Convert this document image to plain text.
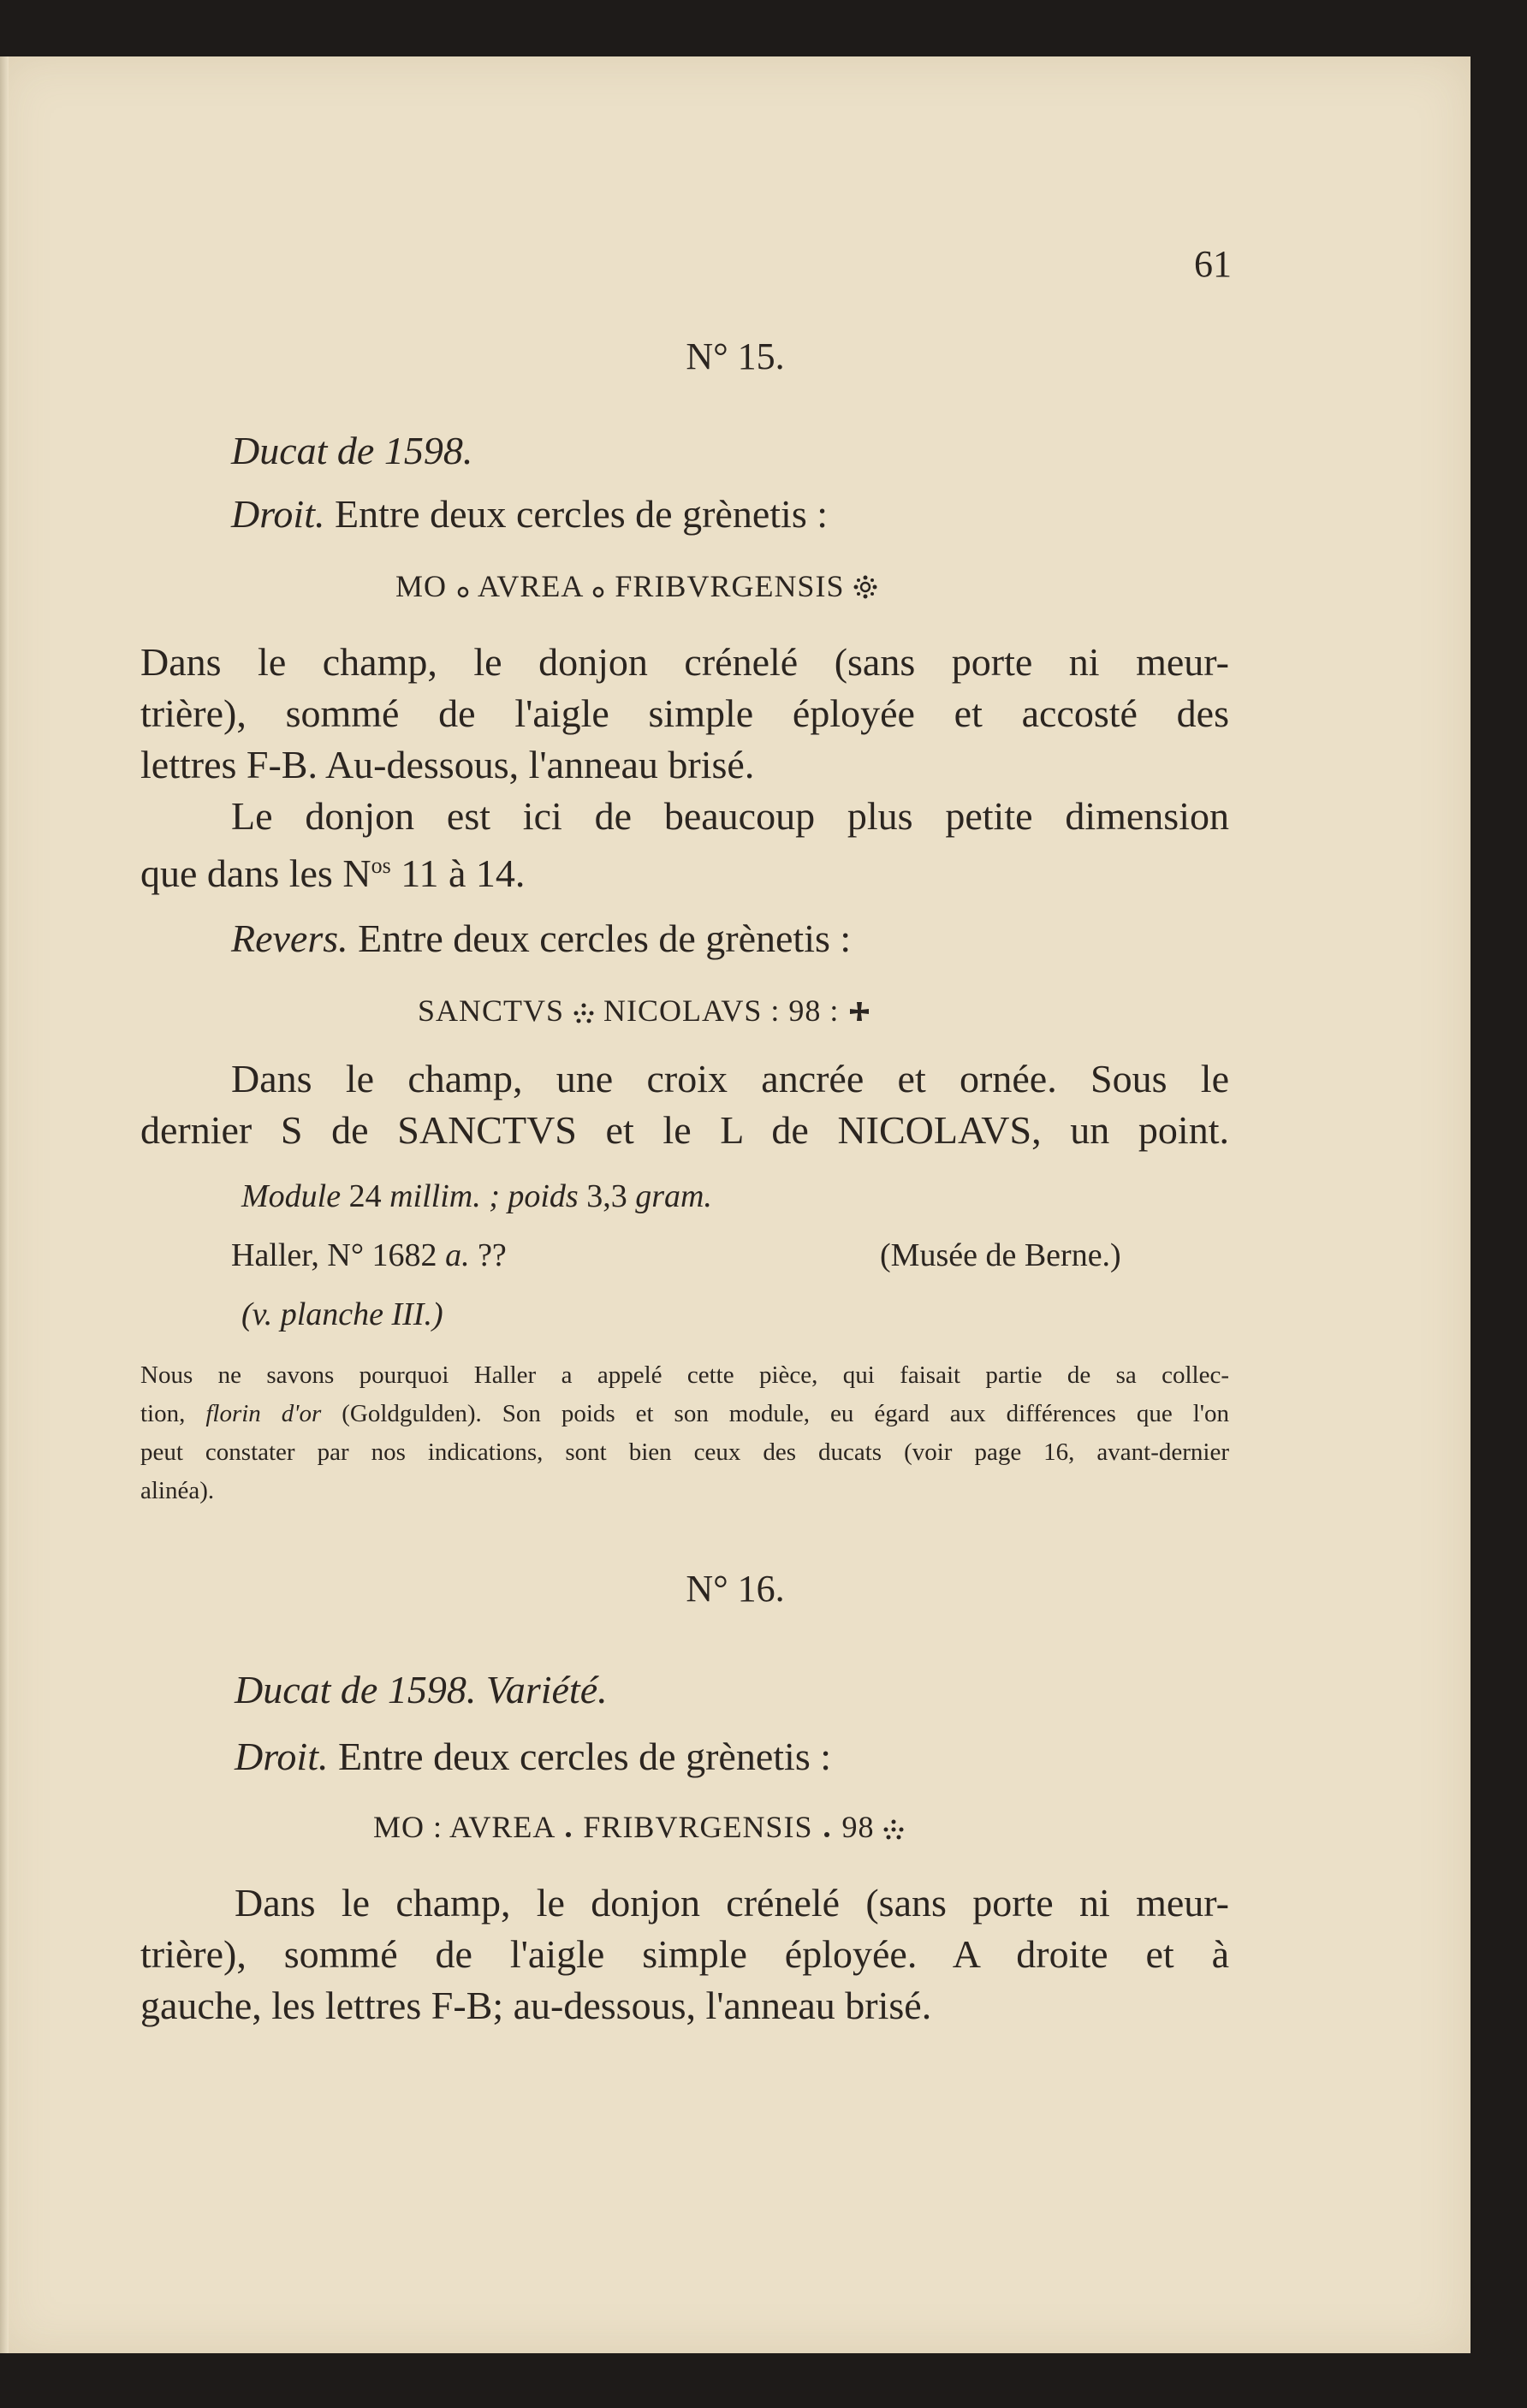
61
N° 15.
Ducat de 1598.
Droit. Entre deux cercles de grènetis :
MO AVREA FRIBVRGENSIS
Dans le champ, le donjon crénelé (sans porte ni meur-
trière), sommé de l'aigle simple éployée et accosté des
lettres F-B. Au-dessous, l'anneau brisé.
Le donjon est ici de beaucoup plus petite dimension
que dans les $N^{os}$ 11 à 14.
Revers. Entre deux cercles de grènetis :
SANCTVS NICOLAVS : 98 :
Dans le champ, une croix ancrée et ornée. Sous le
dernier S de SANCTVS et le L de NICOLAVS, un point.
Module 24 millim. ; poids 3,3 gram.
Haller, N° 1682 a. ??	(Musée de Berne.)
(v. planche III.)
Nous ne savons pourquoi Haller a appelé cette pièce, qui faisait partie de sa collec-
tion, florin d'or (Goldgulden). Son poids et son module, eu égard aux différences que l'on
peut constater par nos indications, sont bien ceux des ducats (voir page 16, avant-dernier
alinéa).
N° 16.
Ducat de 1598. Variété.
Droit. Entre deux cercles de grènetis :
MO : AVREA FRIBVRGENSIS 98
Dans le champ, le donjon crénelé (sans porte ni meur-
trière), sommé de l'aigle simple éployée. A droite et à
gauche, les lettres F-B; au-dessous, l'anneau brisé.
